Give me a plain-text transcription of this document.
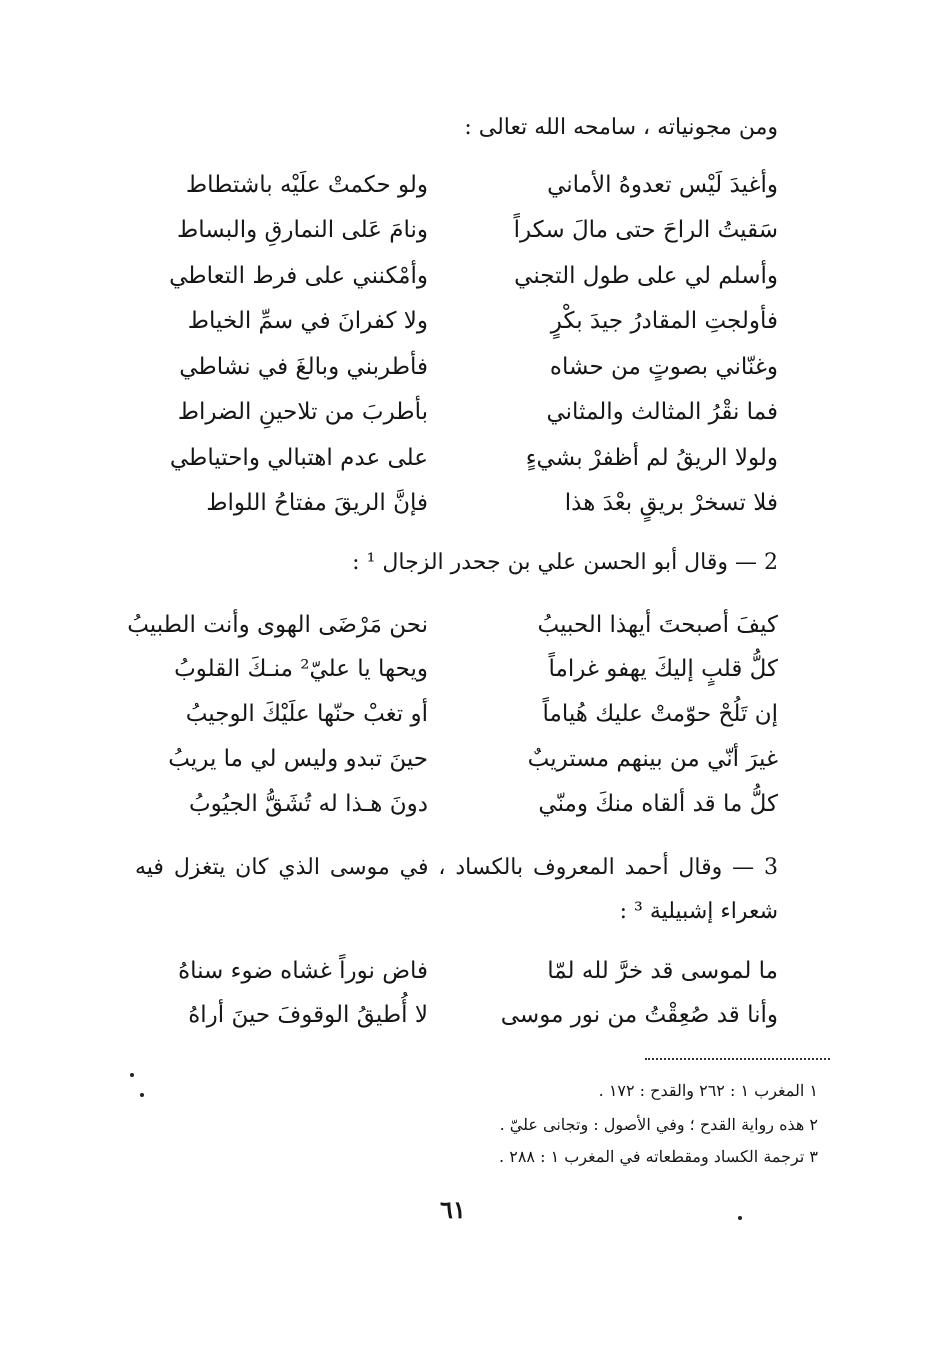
ومن مجونياته ، سامحه الله تعالى :
وأغيدَ لَيْس تعدوهُ الأماني
ولو حكمتْ علَيْه باشتطاط
سَقيتُ الراحَ حتى مالَ سكراً
ونامَ عَلى النمارقِ والبساط
وأسلم لي على طول التجني
وأمْكنني على فرط التعاطي
فأولجتِ المقادرُ جيدَ بكْرٍ
ولا كفرانَ في سمِّ الخياط
وغنّاني بصوتٍ من حشاه
فأطربني وبالغَ في نشاطي
فما نقْرُ المثالث والمثاني
بأطربَ من تلاحينِ الضراط
ولولا الريقُ لم أظفرْ بشيءٍ
على عدم اهتبالي واحتياطي
فلا تسخرْ بريقٍ بعْدَ هذا
فإنَّ الريقَ مفتاحُ اللواط
2 — وقال أبو الحسن علي بن جحدر الزجال ¹ :
كيفَ أصبحتَ أيهذا الحبيبُ
نحن مَرْضَى الهوى وأنت الطبيبُ
كلُّ قلبٍ إليكَ يهفو غراماً
ويحها يا عليّ² منـكَ القلوبُ
إن تَلُحْ حوّمتْ عليك هُياماً
أو تغبْ حنّها علَيْكَ الوجيبُ
غيرَ أنّي من بينهم مستريبٌ
حينَ تبدو وليس لي ما يريبُ
كلُّ ما قد ألقاه منكَ ومنّي
دونَ هـذا له تُشَقُّ الجيُوبُ
3 — وقال أحمد المعروف بالكساد ، في موسى الذي كان يتغزل فيه شعراء إشبيلية ³ :
ما لموسى قد خرَّ لله لمّا
فاض نوراً غشاه ضوء سناهُ
وأنا قد صُعِقْتُ من نور موسى
لا أُطيقُ الوقوفَ حينَ أراهُ
١ المغرب ١ : ٢٦٢ والقدح : ١٧٢ .
٢ هذه رواية القدح ؛ وفي الأصول : وتجانى عليّ .
٣ ترجمة الكساد ومقطعاته في المغرب ١ : ٢٨٨ .
٦١
